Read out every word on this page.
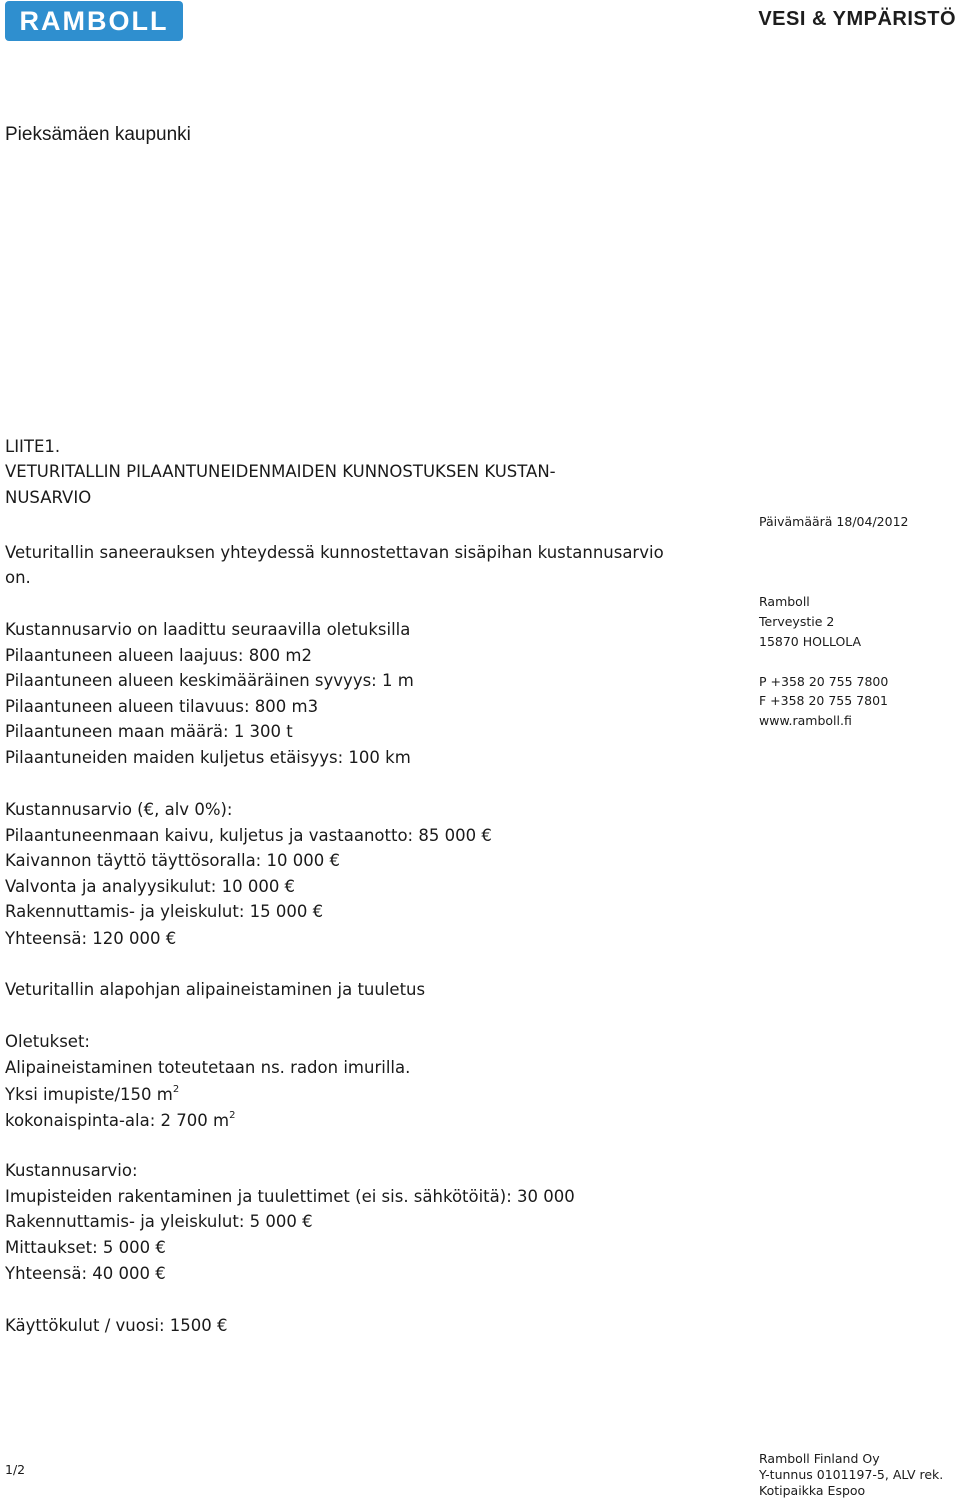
RAMBOLL	VESI & YMPÄRISTÖ
Pieksämäen kaupunki
LIITE1.
VETURITALLIN PILAANTUNEIDENMAIDEN KUNNOSTUKSEN KUSTAN-
NUSARVIO
Veturitallin saneerauksen yhteydessä kunnostettavan sisäpihan kustannusarvio
on.
Kustannusarvio on laadittu seuraavilla oletuksilla
Pilaantuneen alueen laajuus: 800 m2
Pilaantuneen alueen keskimääräinen syvyys: 1 m
Pilaantuneen alueen tilavuus: 800 m3
Pilaantuneen maan määrä: 1 300 t
Pilaantuneiden maiden kuljetus etäisyys: 100 km
Kustannusarvio (€, alv 0%):
Pilaantuneenmaan kaivu, kuljetus ja vastaanotto: 85 000 €
Kaivannon täyttö täyttösoralla: 10 000 €
Valvonta ja analyysikulut: 10 000 €
Rakennuttamis- ja yleiskulut: 15 000 €
Yhteensä: 120 000 €
Veturitallin alapohjan alipaineistaminen ja tuuletus
Oletukset:
Alipaineistaminen toteutetaan ns. radon imurilla.
Yksi imupiste/150 $m^2$
kokonaispinta-ala: 2 700 $m^2$
Kustannusarvio:
Imupisteiden rakentaminen ja tuulettimet (ei sis. sähkötöitä): 30 000
Rakennuttamis- ja yleiskulut: 5 000 €
Mittaukset: 5 000 €
Yhteensä: 40 000 €
Käyttökulut / vuosi: 1500 €
Päivämäärä 18/04/2012
Ramboll
Terveystie 2
15870 HOLLOLA
P +358 20 755 7800
F +358 20 755 7801
www.ramboll.fi
1/2
Ramboll Finland Oy
Y-tunnus 0101197-5, ALV rek.
Kotipaikka Espoo
